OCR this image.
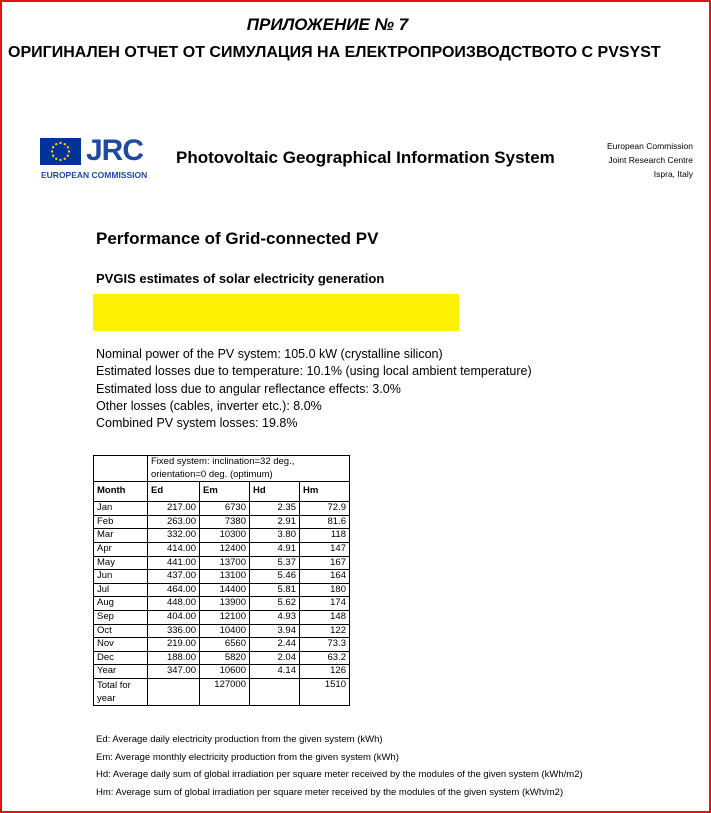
ПРИЛОЖЕНИЕ № 7
ОРИГИНАЛЕН ОТЧЕТ ОТ СИМУЛАЦИЯ НА ЕЛЕКТРОПРОИЗВОДСТВОТО С PVSYST
JRC
EUROPEAN COMMISSION
Photovoltaic Geographical Information System
European Commission
Joint Research Centre
Ispra, Italy
Performance of Grid-connected PV
PVGIS estimates of solar electricity generation
Nominal power of the PV system: 105.0 kW (crystalline silicon)
Estimated losses due to temperature: 10.1% (using local ambient temperature)
Estimated loss due to angular reflectance effects: 3.0%
Other losses (cables, inverter etc.): 8.0%
Combined PV system losses: 19.8%
	Fixed system: inclination=32 deg.,			
	orientation=0 deg. (optimum)			
Month	Ed	Em	Hd	Hm
Jan	217.00	6730	2.35	72.9
Feb	263.00	7380	2.91	81.6
Mar	332.00	10300	3.80	118
Apr	414.00	12400	4.91	147
May	441.00	13700	5.37	167
Jun	437.00	13100	5.46	164
Jul	464.00	14400	5.81	180
Aug	448.00	13900	5.62	174
Sep	404.00	12100	4.93	148
Oct	336.00	10400	3.94	122
Nov	219.00	6560	2.44	73.3
Dec	188.00	5820	2.04	63.2
Year	347.00	10600	4.14	126

Total for
year		127000		1510
Ed: Average daily electricity production from the given system (kWh)
Em: Average monthly electricity production from the given system (kWh)
Hd: Average daily sum of global irradiation per square meter received by the modules of the given system (kWh/m2)
Hm: Average sum of global irradiation per square meter received by the modules of the given system (kWh/m2)
